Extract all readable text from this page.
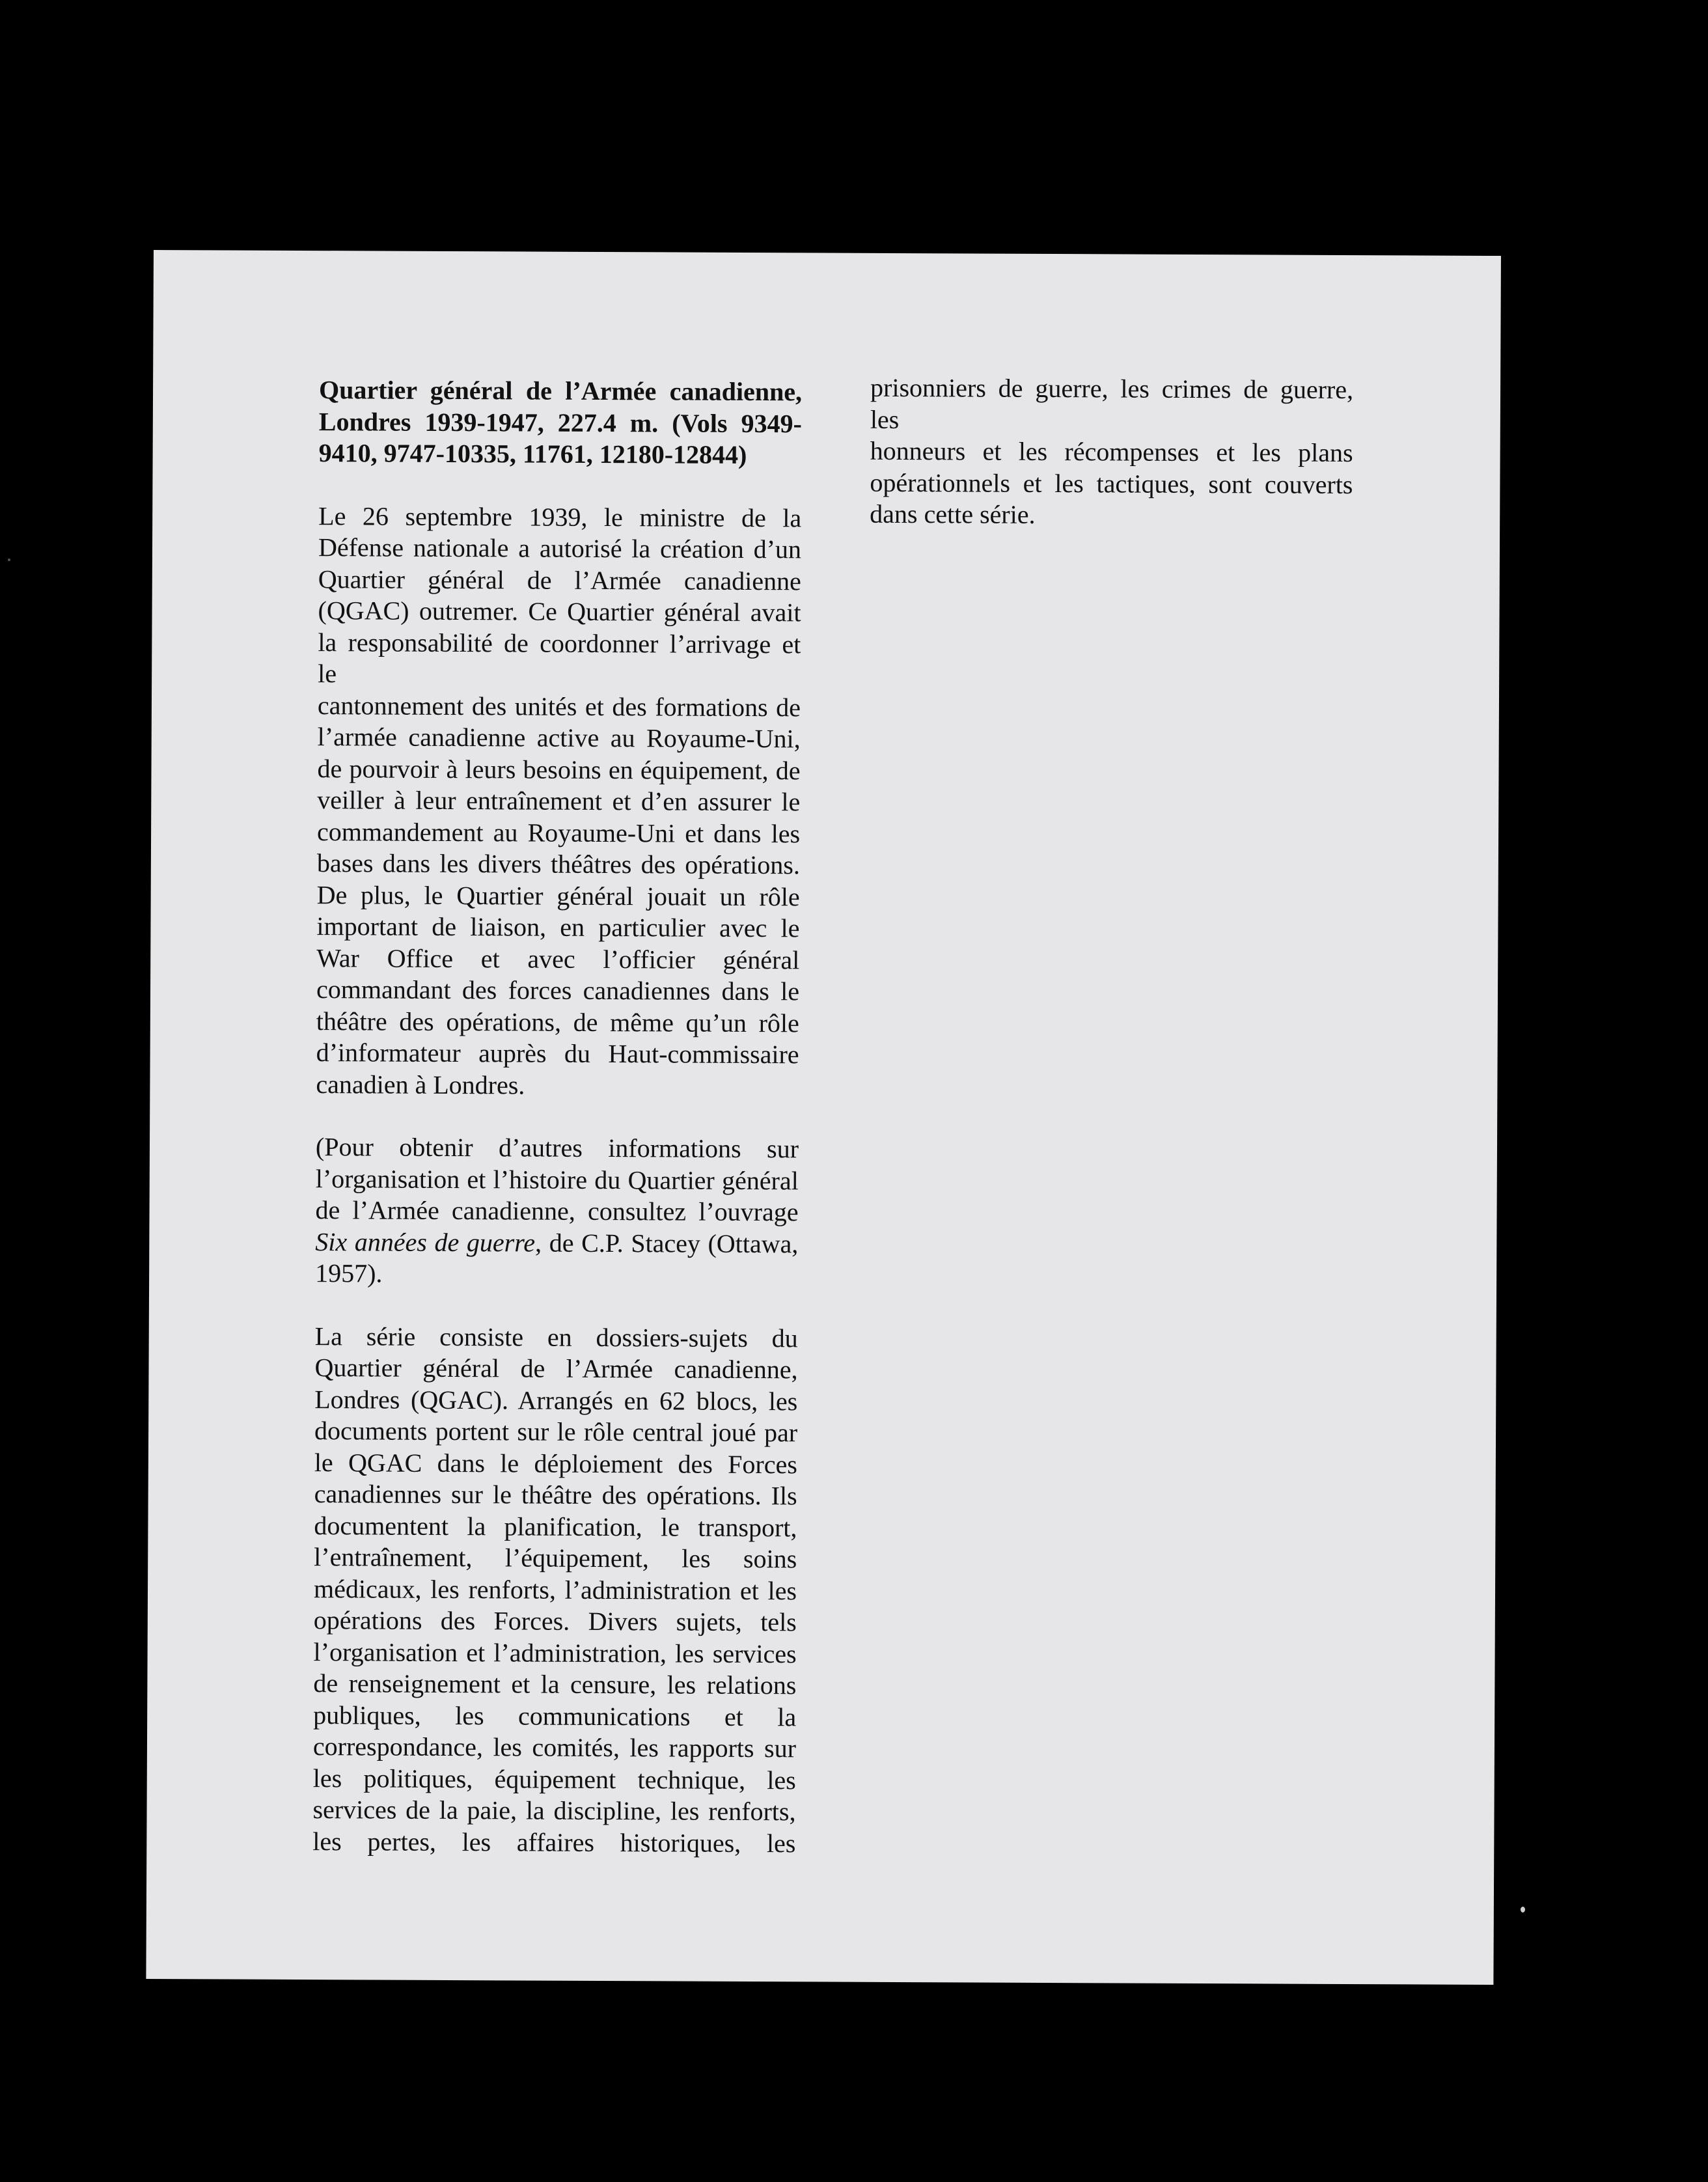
Quartier général de l’Armée canadienne,
Londres 1939-1947, 227.4 m. (Vols 9349-
9410, 9747-10335, 11761, 12180-12844)
Le 26 septembre 1939, le ministre de la
Défense nationale a autorisé la création d’un
Quartier général de l’Armée canadienne
(QGAC) outremer. Ce Quartier général avait
la responsabilité de coordonner l’arrivage et le
cantonnement des unités et des formations de
l’armée canadienne active au Royaume-Uni,
de pourvoir à leurs besoins en équipement, de
veiller à leur entraînement et d’en assurer le
commandement au Royaume-Uni et dans les
bases dans les divers théâtres des opérations.
De plus, le Quartier général jouait un rôle
important de liaison, en particulier avec le
War Office et avec l’officier général
commandant des forces canadiennes dans le
théâtre des opérations, de même qu’un rôle
d’informateur auprès du Haut-commissaire
canadien à Londres.
(Pour obtenir d’autres informations sur
l’organisation et l’histoire du Quartier général
de l’Armée canadienne, consultez l’ouvrage
Six années de guerre, de C.P. Stacey (Ottawa,
1957).
La série consiste en dossiers-sujets du
Quartier général de l’Armée canadienne,
Londres (QGAC). Arrangés en 62 blocs, les
documents portent sur le rôle central joué par
le QGAC dans le déploiement des Forces
canadiennes sur le théâtre des opérations. Ils
documentent la planification, le transport,
l’entraînement, l’équipement, les soins
médicaux, les renforts, l’administration et les
opérations des Forces. Divers sujets, tels
l’organisation et l’administration, les services
de renseignement et la censure, les relations
publiques, les communications et la
correspondance, les comités, les rapports sur
les politiques, équipement technique, les
services de la paie, la discipline, les renforts,
les pertes, les affaires historiques, les
prisonniers de guerre, les crimes de guerre, les
honneurs et les récompenses et les plans
opérationnels et les tactiques, sont couverts
dans cette série.
